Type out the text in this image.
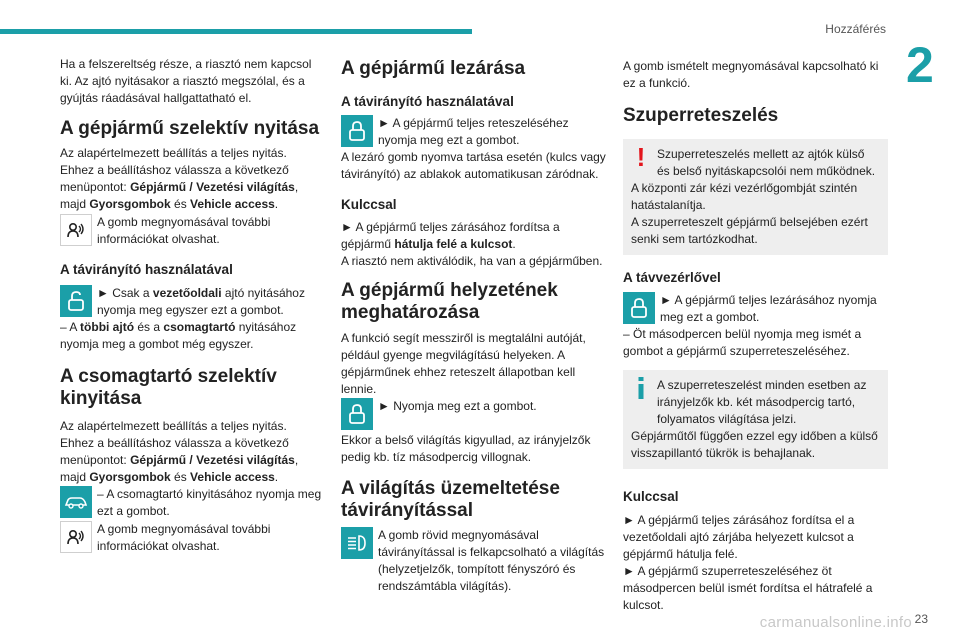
Hozzáférés
2

Ha a felszereltség része, a riasztó nem kapcsol ki. Az ajtó nyitásakor a riasztó megszólal, és a gyújtás ráadásával hallgattatható el.

A gépjármű szelektív nyitása

Az alapértelmezett beállítás a teljes nyitás.

Ehhez a beállításhoz válassza a következő menüpontot: Gépjármű / Vezetési világítás, majd Gyorsgombok és Vehicle access.

A gomb megnyomásával további információkat olvashat.

A távirányító használatával

► Csak a vezetőoldali ajtó nyitásához nyomja meg egyszer ezt a gombot.

– A többi ajtó és a csomagtartó nyitásához nyomja meg a gombot még egyszer.

A csomagtartó szelektív kinyitása

Az alapértelmezett beállítás a teljes nyitás.

Ehhez a beállításhoz válassza a következő menüpontot: Gépjármű / Vezetési világítás, majd Gyorsgombok és Vehicle access.

– A csomagtartó kinyitásához nyomja meg ezt a gombot.

A gomb megnyomásával további információkat olvashat.

A gépjármű lezárása
A távirányító használatával

► A gépjármű teljes reteszeléséhez nyomja meg ezt a gombot.

A lezáró gomb nyomva tartása esetén (kulcs vagy távirányító) az ablakok automatikusan záródnak.

Kulccsal

► A gépjármű teljes zárásához fordítsa a gépjármű hátulja felé a kulcsot.

A riasztó nem aktiválódik, ha van a gépjárműben.

A gépjármű helyzetének meghatározása

A funkció segít messziről is megtalálni autóját, például gyenge megvilágítású helyeken. A gépjárműnek ehhez reteszelt állapotban kell lennie.

► Nyomja meg ezt a gombot.

Ekkor a belső világítás kigyullad, az irányjelzők pedig kb. tíz másodpercig villognak.

A világítás üzemeltetése távirányítással

A gomb rövid megnyomásával távirányítással is felkapcsolható a világítás (helyzetjelzők, tompított fényszóró és rendszámtábla világítás).

A gomb ismételt megnyomásával kapcsolható ki ez a funkció.

Szuperreteszelés
! Szuperreteszelés mellett az ajtók külső és belső nyitáskapcsolói nem működnek.

A központi zár kézi vezérlőgombját szintén hatástalanítja.

A szuperreteszelt gépjármű belsejében ezért senki sem tartózkodhat.

A távvezérlővel

► A gépjármű teljes lezárásához nyomja meg ezt a gombot.

– Öt másodpercen belül nyomja meg ismét a gombot a gépjármű szuperreteszeléséhez.

A szuperreteszelést minden esetben az irányjelzők kb. két másodpercig tartó, folyamatos világítása jelzi.

Gépjárműtől függően ezzel egy időben a külső visszapillantó tükrök is behajlanak.

Kulccsal

► A gépjármű teljes zárásához fordítsa el a vezetőoldali ajtó zárjába helyezett kulcsot a gépjármű hátulja felé.

► A gépjármű szuperreteszeléséhez öt másodpercen belül ismét fordítsa el hátrafelé a kulcsot.

carmanualsonline.info 23
